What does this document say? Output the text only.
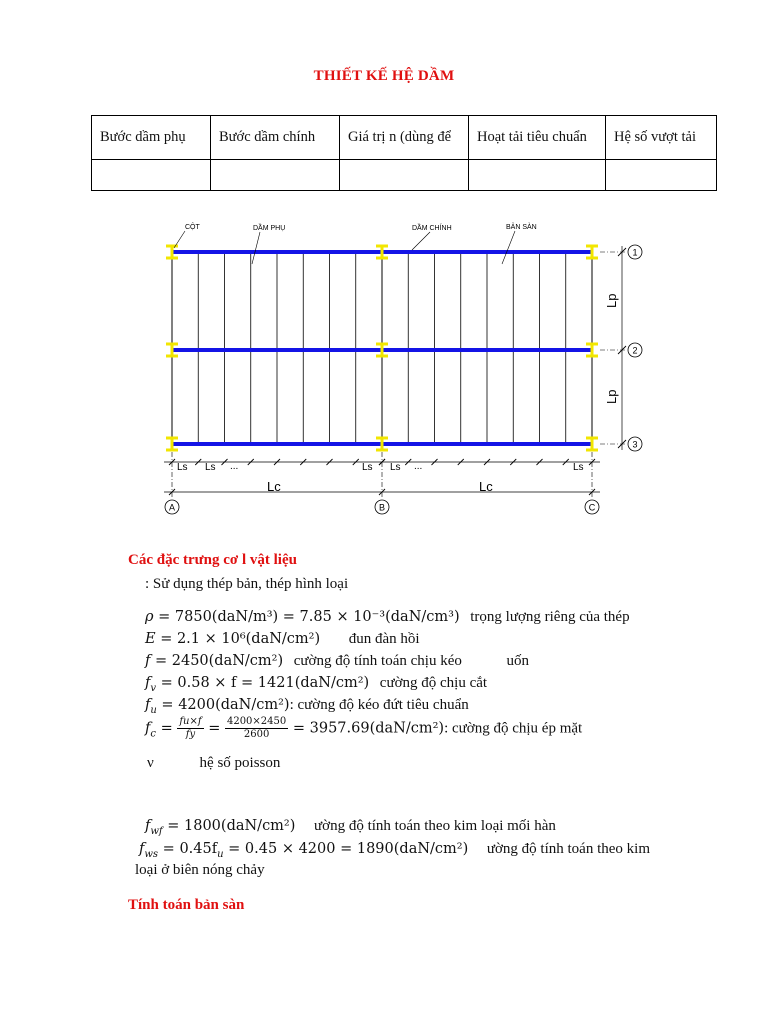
THIẾT KẾ HỆ DẦM
Bước dầm phụ	Bước dầm chính	Giá trị n (dùng để	Hoạt tải tiêu chuẩn	Hệ số vượt tải

1
2
3
A	B	C
CỘT	DẦM PHỤ	DẦM CHÍNH	BẢN SÀN
Lp
Lp
Lc	Lc
Ls Ls ...	Ls Ls ...	Ls
Các đặc trưng cơ l vật liệu
: Sử dụng thép bản, thép hình loại
ρ = 7850(daN/m³) = 7.85 × 10⁻³(daN/cm³) trọng lượng riêng của thép
E = 2.1 × 10⁶(daN/cm²) đun đàn hồi
f = 2450(daN/cm²) cường độ tính toán chịu kéo	uốn
$f_v = 0.58 \times f = 1421(daN/cm^2)$ cường độ chịu cắt
$f_u = 4200(daN/cm^2)$: cường độ kéo đứt tiêu chuẩn
$f_c = \frac{fu\times f}{fy} = \frac{4200\times 2450}{2600} = 3957.69(daN/cm^2)$: cường độ chịu ép mặt
ν	hệ số poisson
$f_{wf} = 1800(daN/cm^2)$ ường độ tính toán theo kim loại mối hàn
$f_{ws} = 0.45f_u = 0.45 \times 4200 = 1890(daN/cm^2)$ ường độ tính toán theo kim
loại ở biên nóng chảy
Tính toán bản sàn
